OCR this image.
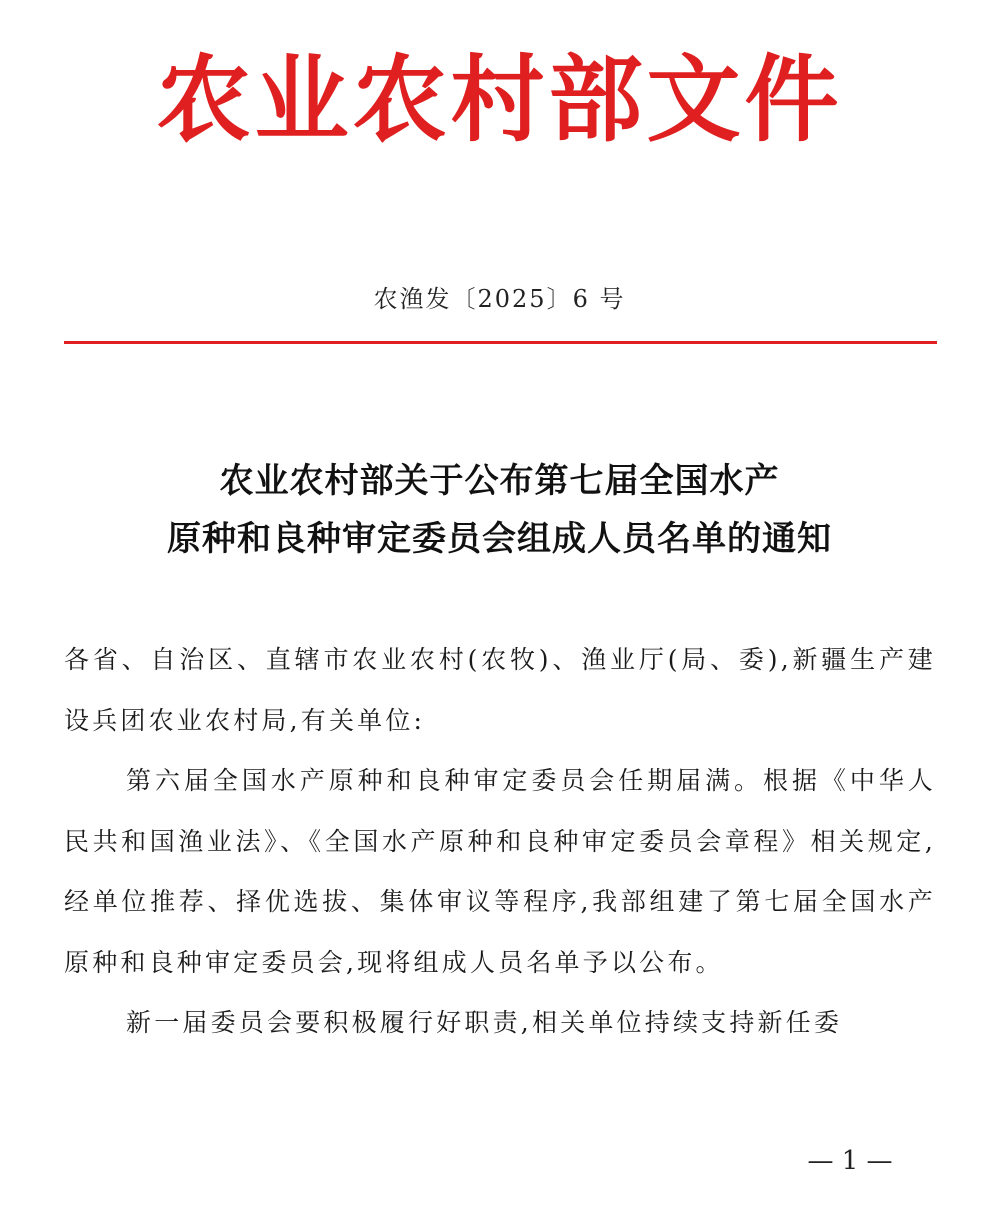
农业农村部文件
农渔发〔2025〕6 号
农业农村部关于公布第七届全国水产
原种和良种审定委员会组成人员名单的通知

各省、自治区、直辖市农业农村(农牧)、渔业厅(局、委),新疆生产建设兵团农业农村局,有关单位:

第六届全国水产原种和良种审定委员会任期届满。根据《中华人民共和国渔业法》、《全国水产原种和良种审定委员会章程》相关规定,经单位推荐、择优选拔、集体审议等程序,我部组建了第七届全国水产原种和良种审定委员会,现将组成人员名单予以公布。

新一届委员会要积极履行好职责,相关单位持续支持新任委

— 1 —
